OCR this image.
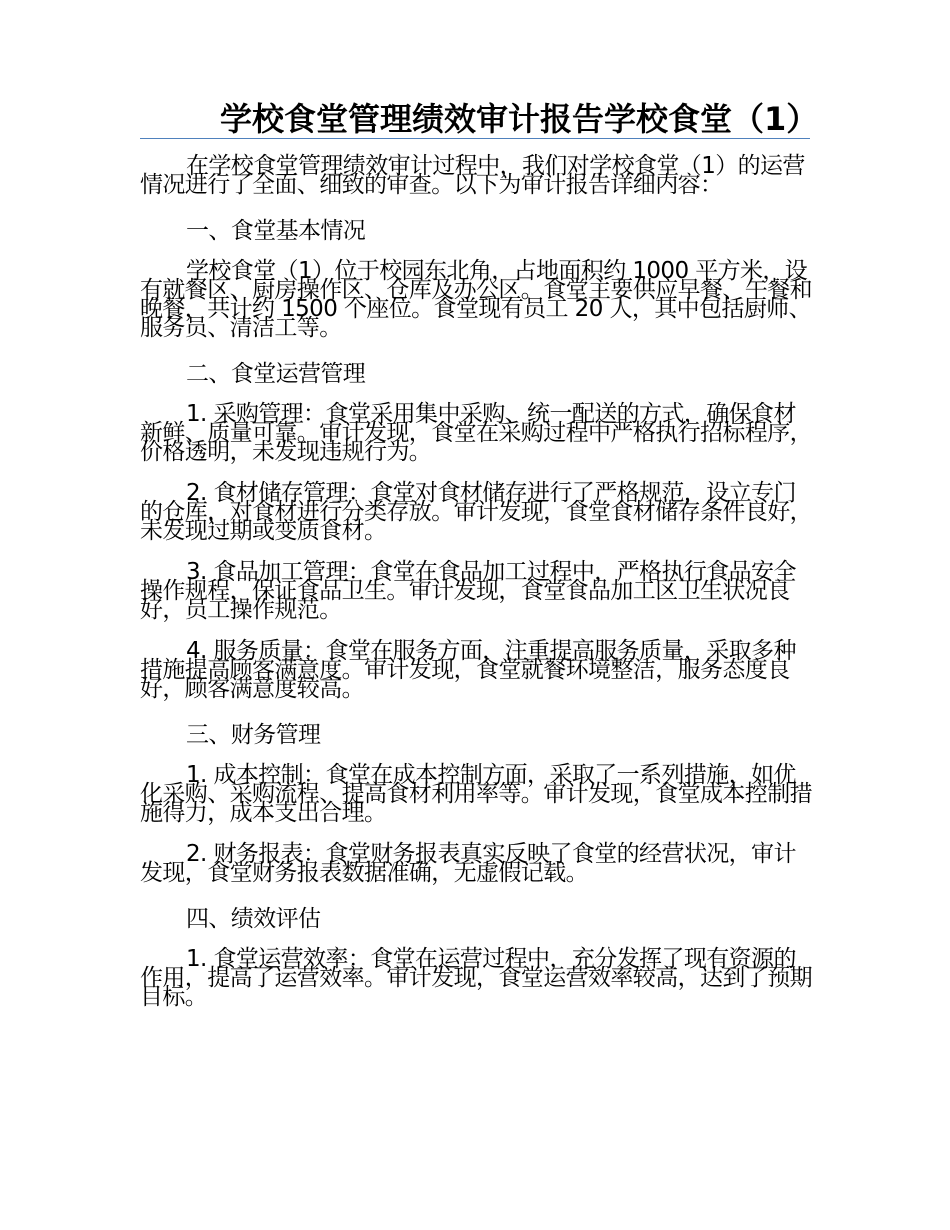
学校食堂管理绩效审计报告学校食堂（1）

在学校食堂管理绩效审计过程中，我们对学校食堂（1）的运营情况进行了全面、细致的审查。以下为审计报告详细内容：

一、食堂基本情况

学校食堂（1）位于校园东北角，占地面积约 1000 平方米，设有就餐区、厨房操作区、仓库及办公区。食堂主要供应早餐、午餐和晚餐，共计约 1500 个座位。食堂现有员工 20 人，其中包括厨师、服务员、清洁工等。

二、食堂运营管理

1. 采购管理：食堂采用集中采购、统一配送的方式，确保食材新鲜、质量可靠。审计发现，食堂在采购过程中严格执行招标程序，价格透明，未发现违规行为。

2. 食材储存管理：食堂对食材储存进行了严格规范，设立专门的仓库，对食材进行分类存放。审计发现，食堂食材储存条件良好，未发现过期或变质食材。

3. 食品加工管理：食堂在食品加工过程中，严格执行食品安全操作规程，保证食品卫生。审计发现，食堂食品加工区卫生状况良好，员工操作规范。

4. 服务质量：食堂在服务方面，注重提高服务质量，采取多种措施提高顾客满意度。审计发现，食堂就餐环境整洁，服务态度良好，顾客满意度较高。

三、财务管理

1. 成本控制：食堂在成本控制方面，采取了一系列措施，如优化采购、采购流程、提高食材利用率等。审计发现，食堂成本控制措施得力，成本支出合理。

2. 财务报表：食堂财务报表真实反映了食堂的经营状况，审计发现，食堂财务报表数据准确，无虚假记载。

四、绩效评估

1. 食堂运营效率：食堂在运营过程中，充分发挥了现有资源的作用，提高了运营效率。审计发现，食堂运营效率较高，达到了预期目标。
